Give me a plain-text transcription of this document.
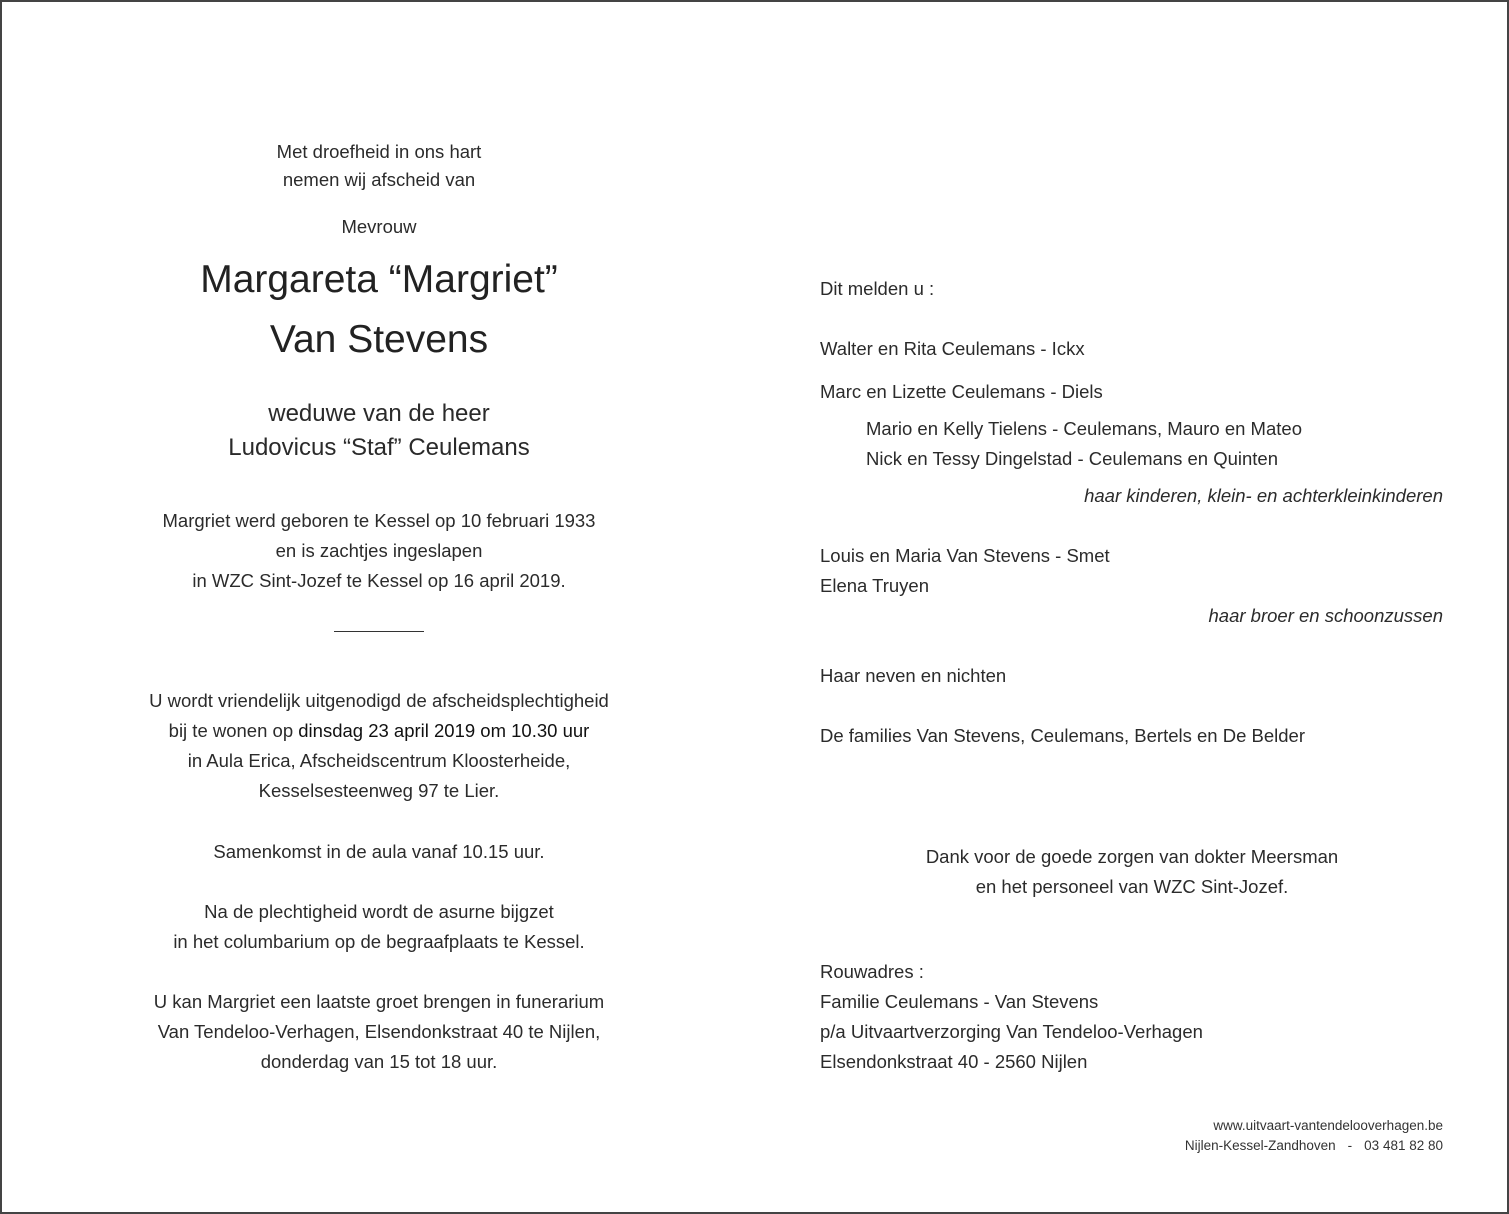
Met droefheid in ons hart
nemen wij afscheid van
Mevrouw
Margareta “Margriet”
Van Stevens
weduwe van de heer
Ludovicus “Staf” Ceulemans
Margriet werd geboren te Kessel op 10 februari 1933
en is zachtjes ingeslapen
in WZC Sint-Jozef te Kessel op 16 april 2019.
U wordt vriendelijk uitgenodigd de afscheidsplechtigheid
bij te wonen op dinsdag 23 april 2019 om 10.30 uur
in Aula Erica, Afscheidscentrum Kloosterheide,
Kesselsesteenweg 97 te Lier.
Samenkomst in de aula vanaf 10.15 uur.
Na de plechtigheid wordt de asurne bijgzet
in het columbarium op de begraafplaats te Kessel.
U kan Margriet een laatste groet brengen in funerarium
Van Tendeloo-Verhagen, Elsendonkstraat 40 te Nijlen,
donderdag van 15 tot 18 uur.
Dit melden u :
Walter en Rita Ceulemans - Ickx
Marc en Lizette Ceulemans - Diels
Mario en Kelly Tielens - Ceulemans, Mauro en Mateo
Nick en Tessy Dingelstad - Ceulemans en Quinten
haar kinderen, klein- en achterkleinkinderen
Louis en Maria Van Stevens - Smet
Elena Truyen
haar broer en schoonzussen
Haar neven en nichten
De families Van Stevens, Ceulemans, Bertels en De Belder
Dank voor de goede zorgen van dokter Meersman
en het personeel van WZC Sint-Jozef.
Rouwadres :
Familie Ceulemans - Van Stevens
p/a Uitvaartverzorging Van Tendeloo-Verhagen
Elsendonkstraat 40 - 2560 Nijlen
www.uitvaart-vantendelooverhagen.be
Nijlen-Kessel-Zandhoven - 03 481 82 80
